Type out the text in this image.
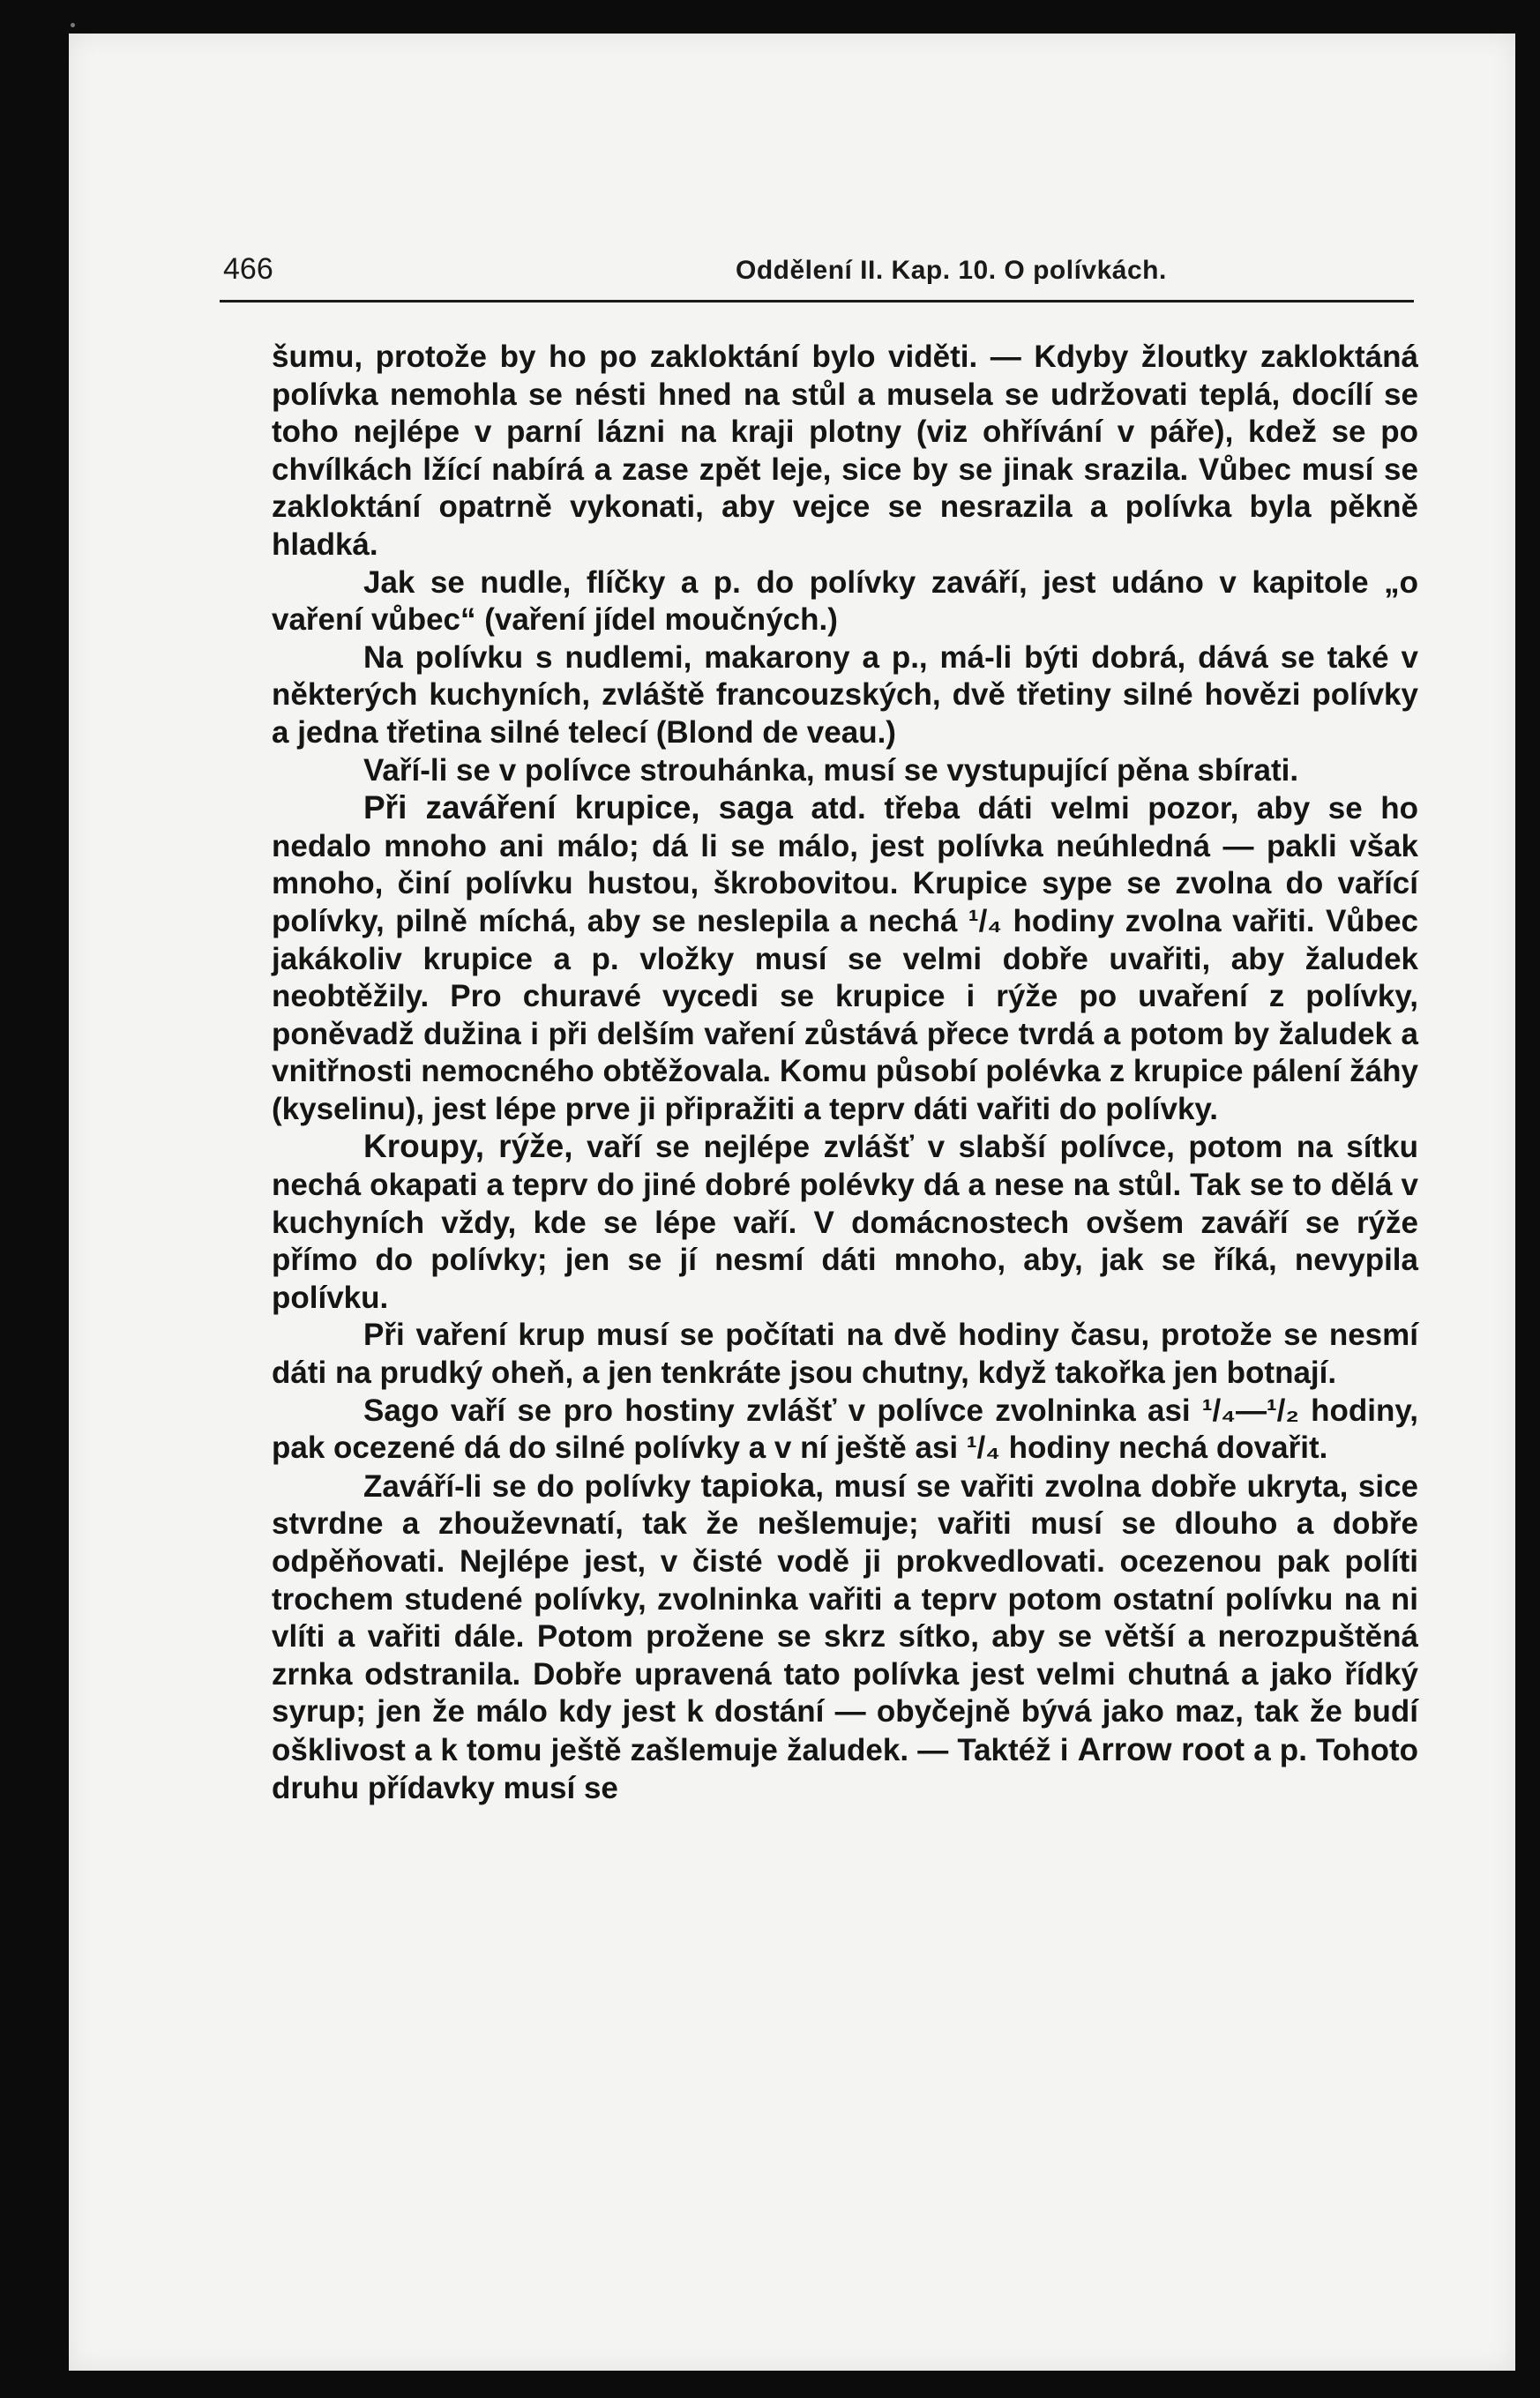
466	Oddělení II. Kap. 10. O polívkách.

šumu, protože by ho po zakloktání bylo viděti. — Kdyby žloutky zakloktáná polívka nemohla se nésti hned na stůl a musela se udržovati teplá, docílí se toho nejlépe v parní lázni na kraji plotny (viz ohřívání v páře), kdež se po chvílkách lžící nabírá a zase zpět leje, sice by se jinak srazila. Vůbec musí se zakloktání opatrně vykonati, aby vejce se nesrazila a polívka byla pěkně hladká.

Jak se nudle, flíčky a p. do polívky zaváří, jest udáno v kapitole „o vaření vůbec“ (vaření jídel moučných.)

Na polívku s nudlemi, makarony a p., má-li býti dobrá, dává se také v některých kuchyních, zvláště francouzských, dvě třetiny silné hovězi polívky a jedna třetina silné telecí (Blond de veau.)

Vaří-li se v polívce strouhánka, musí se vystupující pěna sbírati.

Při zaváření krupice, saga atd. třeba dáti velmi pozor, aby se ho nedalo mnoho ani málo; dá li se málo, jest polívka neúhledná — pakli však mnoho, činí polívku hustou, škrobovitou. Krupice sype se zvolna do vařící polívky, pilně míchá, aby se neslepila a nechá ¹/₄ hodiny zvolna vařiti. Vůbec jakákoliv krupice a p. vložky musí se velmi dobře uvařiti, aby žaludek neobtěžily. Pro churavé vycedi se krupice i rýže po uvaření z polívky, poněvadž dužina i při delším vaření zůstává přece tvrdá a potom by žaludek a vnitřnosti nemocného obtěžovala. Komu působí polévka z krupice pálení žáhy (kyselinu), jest lépe prve ji připražiti a teprv dáti vařiti do polívky.

Kroupy, rýže, vaří se nejlépe zvlášť v slabší polívce, potom na sítku nechá okapati a teprv do jiné dobré polévky dá a nese na stůl. Tak se to dělá v kuchyních vždy, kde se lépe vaří. V domácnostech ovšem zaváří se rýže přímo do polívky; jen se jí nesmí dáti mnoho, aby, jak se říká, nevypila polívku.

Při vaření krup musí se počítati na dvě hodiny času, protože se nesmí dáti na prudký oheň, a jen tenkráte jsou chutny, když takořka jen botnají.

Sago vaří se pro hostiny zvlášť v polívce zvolninka asi ¹/₄—¹/₂ hodiny, pak ocezené dá do silné polívky a v ní ještě asi ¹/₄ hodiny nechá dovařit.

Zaváří-li se do polívky tapioka, musí se vařiti zvolna dobře ukryta, sice stvrdne a zhouževnatí, tak že nešlemuje; vařiti musí se dlouho a dobře odpěňovati. Nejlépe jest, v čisté vodě ji prokvedlovati. ocezenou pak políti trochem studené polívky, zvolninka vařiti a teprv potom ostatní polívku na ni vlíti a vařiti dále. Potom prožene se skrz sítko, aby se větší a nerozpuštěná zrnka odstranila. Dobře upravená tato polívka jest velmi chutná a jako řídký syrup; jen že málo kdy jest k dostání — obyčejně bývá jako maz, tak že budí ošklivost a k tomu ještě zašlemuje žaludek. — Taktéž i Arrow root a p. Tohoto druhu přídavky musí se
